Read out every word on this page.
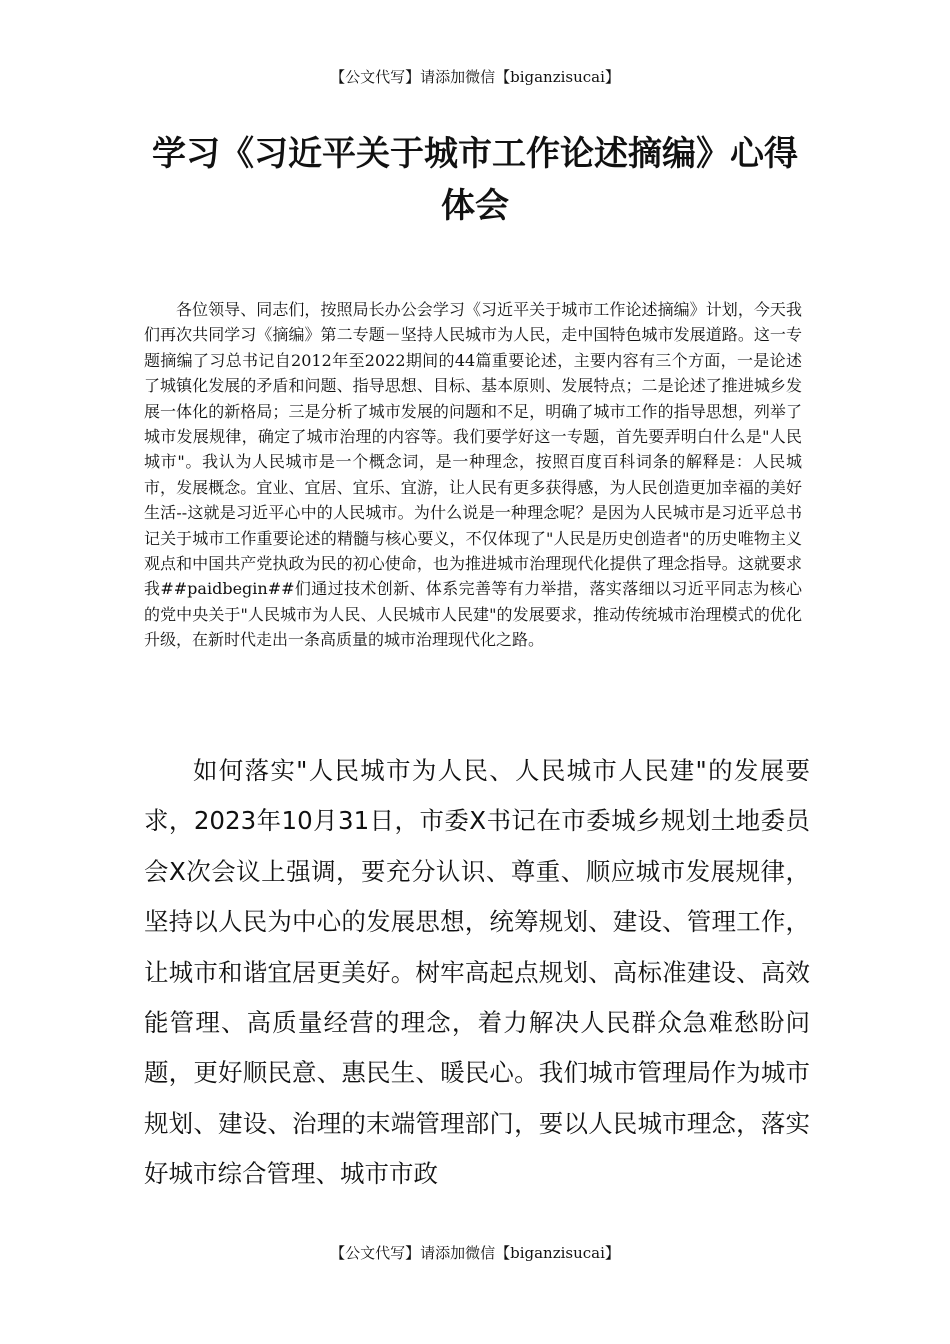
【公文代写】请添加微信【biganzisucai】
学习《习近平关于城市工作论述摘编》心得体会

各位领导、同志们，按照局长办公会学习《习近平关于城市工作论述摘编》计划，今天我们再次共同学习《摘编》第二专题－坚持人民城市为人民，走中国特色城市发展道路。这一专题摘编了习总书记自2012年至2022期间的44篇重要论述，主要内容有三个方面，一是论述了城镇化发展的矛盾和问题、指导思想、目标、基本原则、发展特点；二是论述了推进城乡发展一体化的新格局；三是分析了城市发展的问题和不足，明确了城市工作的指导思想，列举了城市发展规律，确定了城市治理的内容等。我们要学好这一专题，首先要弄明白什么是"人民城市"。我认为人民城市是一个概念词，是一种理念，按照百度百科词条的解释是：人民城市，发展概念。宜业、宜居、宜乐、宜游，让人民有更多获得感，为人民创造更加幸福的美好生活--这就是习近平心中的人民城市。为什么说是一种理念呢？是因为人民城市是习近平总书记关于城市工作重要论述的精髓与核心要义，不仅体现了"人民是历史创造者"的历史唯物主义观点和中国共产党执政为民的初心使命，也为推进城市治理现代化提供了理念指导。这就要求我##paidbegin##们通过技术创新、体系完善等有力举措，落实落细以习近平同志为核心的党中央关于"人民城市为人民、人民城市人民建"的发展要求，推动传统城市治理模式的优化升级，在新时代走出一条高质量的城市治理现代化之路。

如何落实"人民城市为人民、人民城市人民建"的发展要求，2023年10月31日，市委X书记在市委城乡规划土地委员会X次会议上强调，要充分认识、尊重、顺应城市发展规律，坚持以人民为中心的发展思想，统筹规划、建设、管理工作，让城市和谐宜居更美好。树牢高起点规划、高标准建设、高效能管理、高质量经营的理念，着力解决人民群众急难愁盼问题，更好顺民意、惠民生、暖民心。我们城市管理局作为城市规划、建设、治理的末端管理部门，要以人民城市理念，落实好城市综合管理、城市市政

【公文代写】请添加微信【biganzisucai】
